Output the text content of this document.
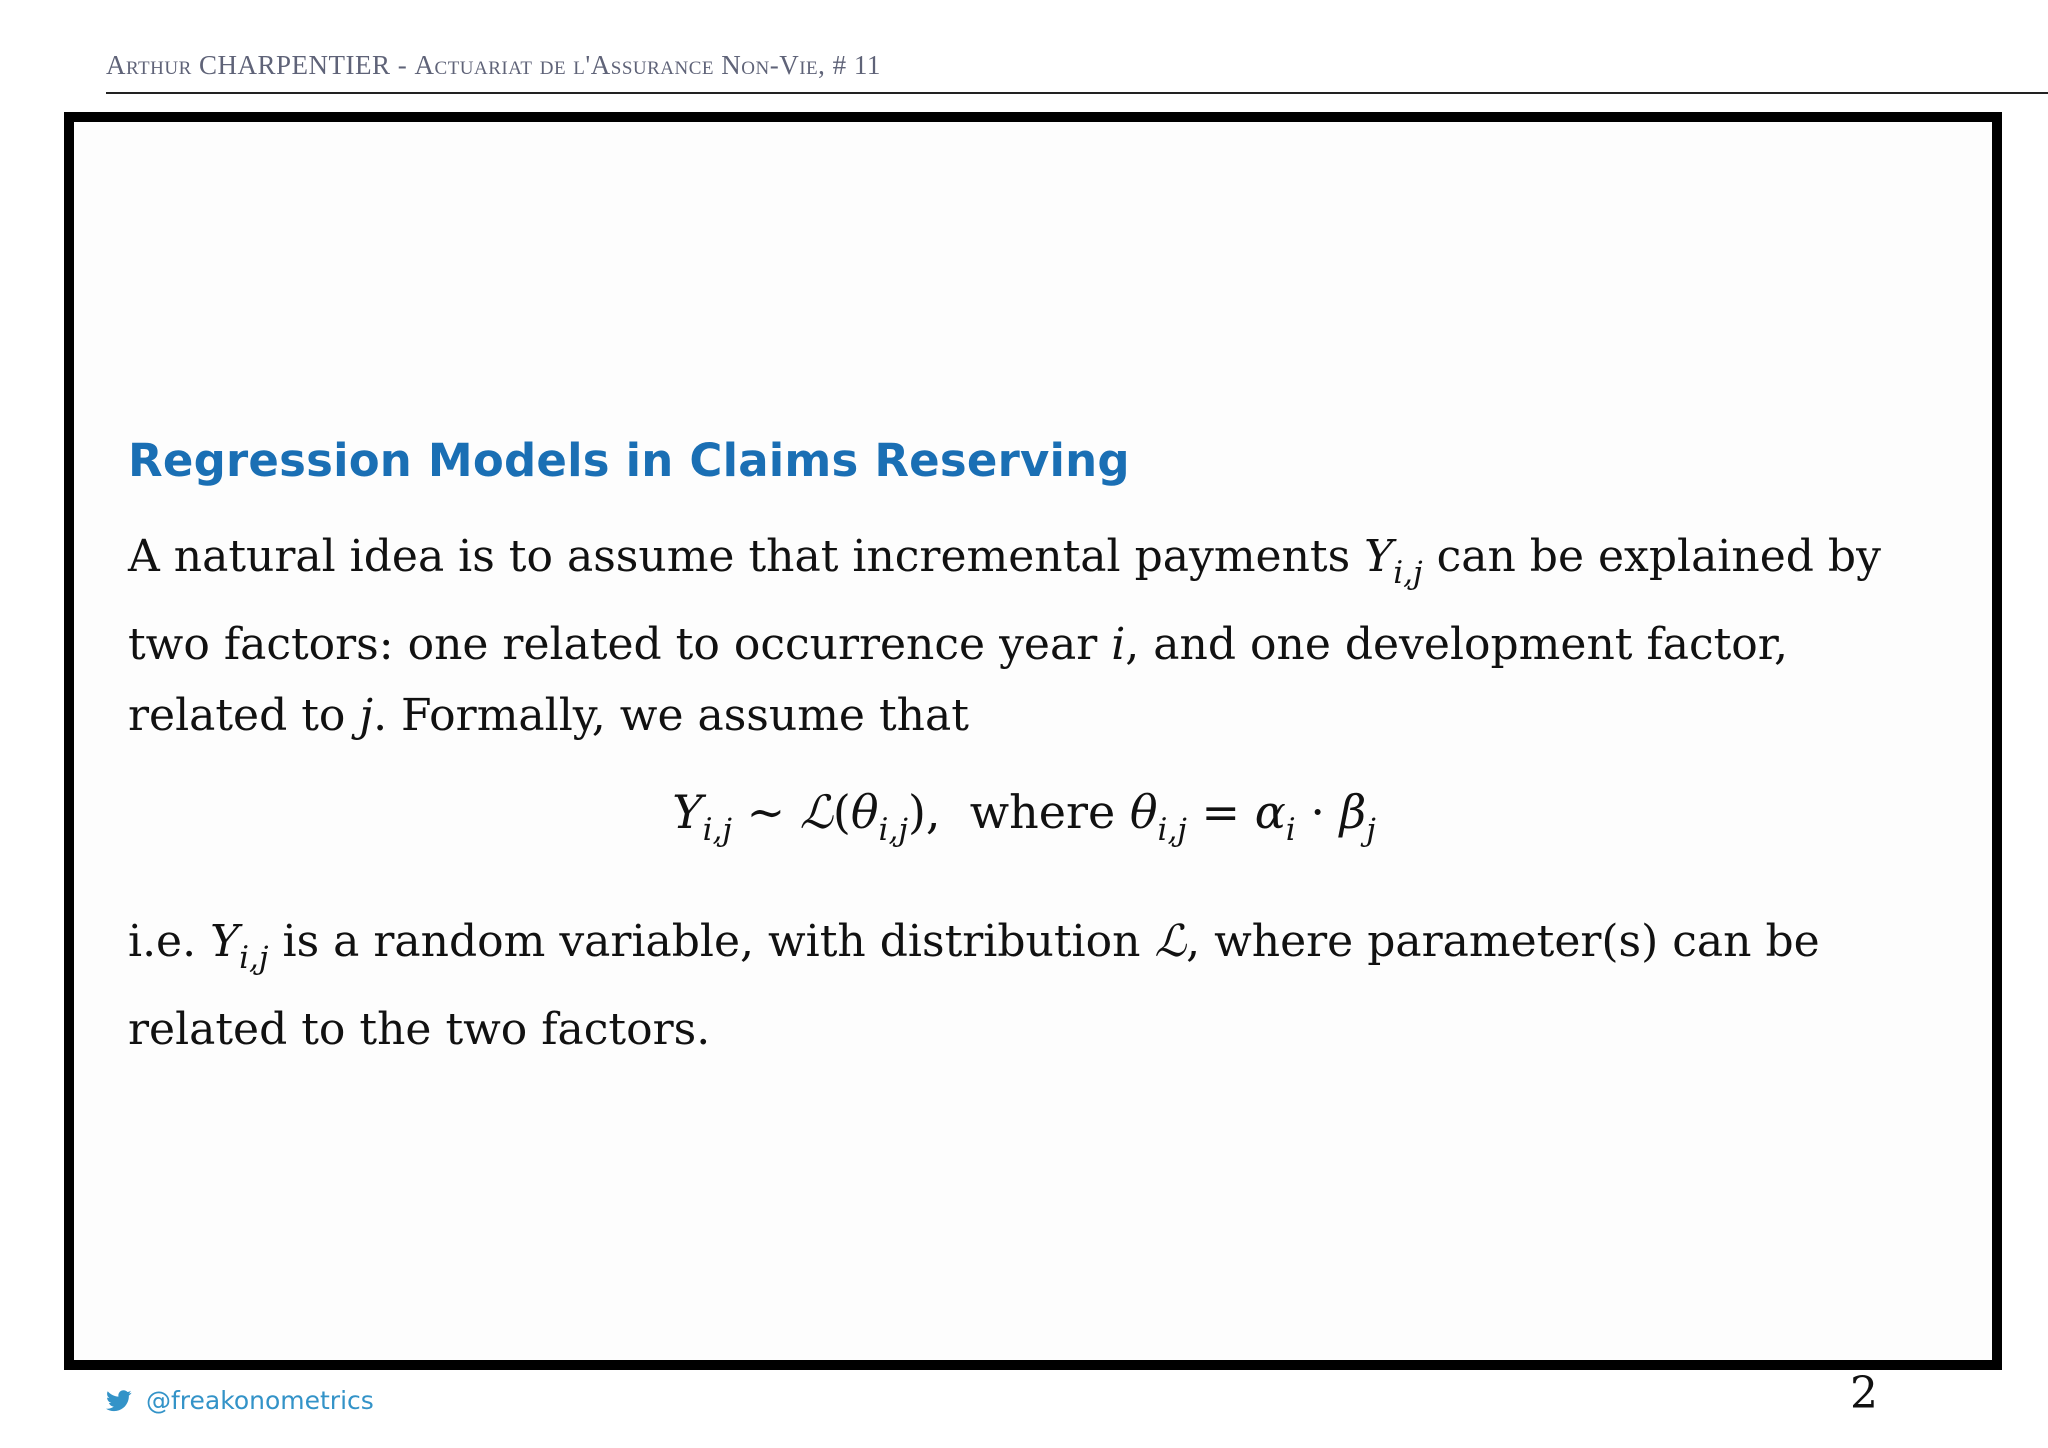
Arthur CHARPENTIER - Actuariat de l'Assurance Non-Vie, # 11
Regression Models in Claims Reserving
A natural idea is to assume that incremental payments $Y_{i,j}$ can be explained by two factors: one related to occurrence year i, and one development factor, related to j. Formally, we assume that
$Y_{i,j}$ ∼ $ℒ(\theta_{i,j})$,  where $\theta_{i,j} = \alpha_i \cdot \beta_j$
i.e. $Y_{i,j}$ is a random variable, with distribution ℒ, where parameter(s) can be related to the two factors.
@freakonometrics	2
